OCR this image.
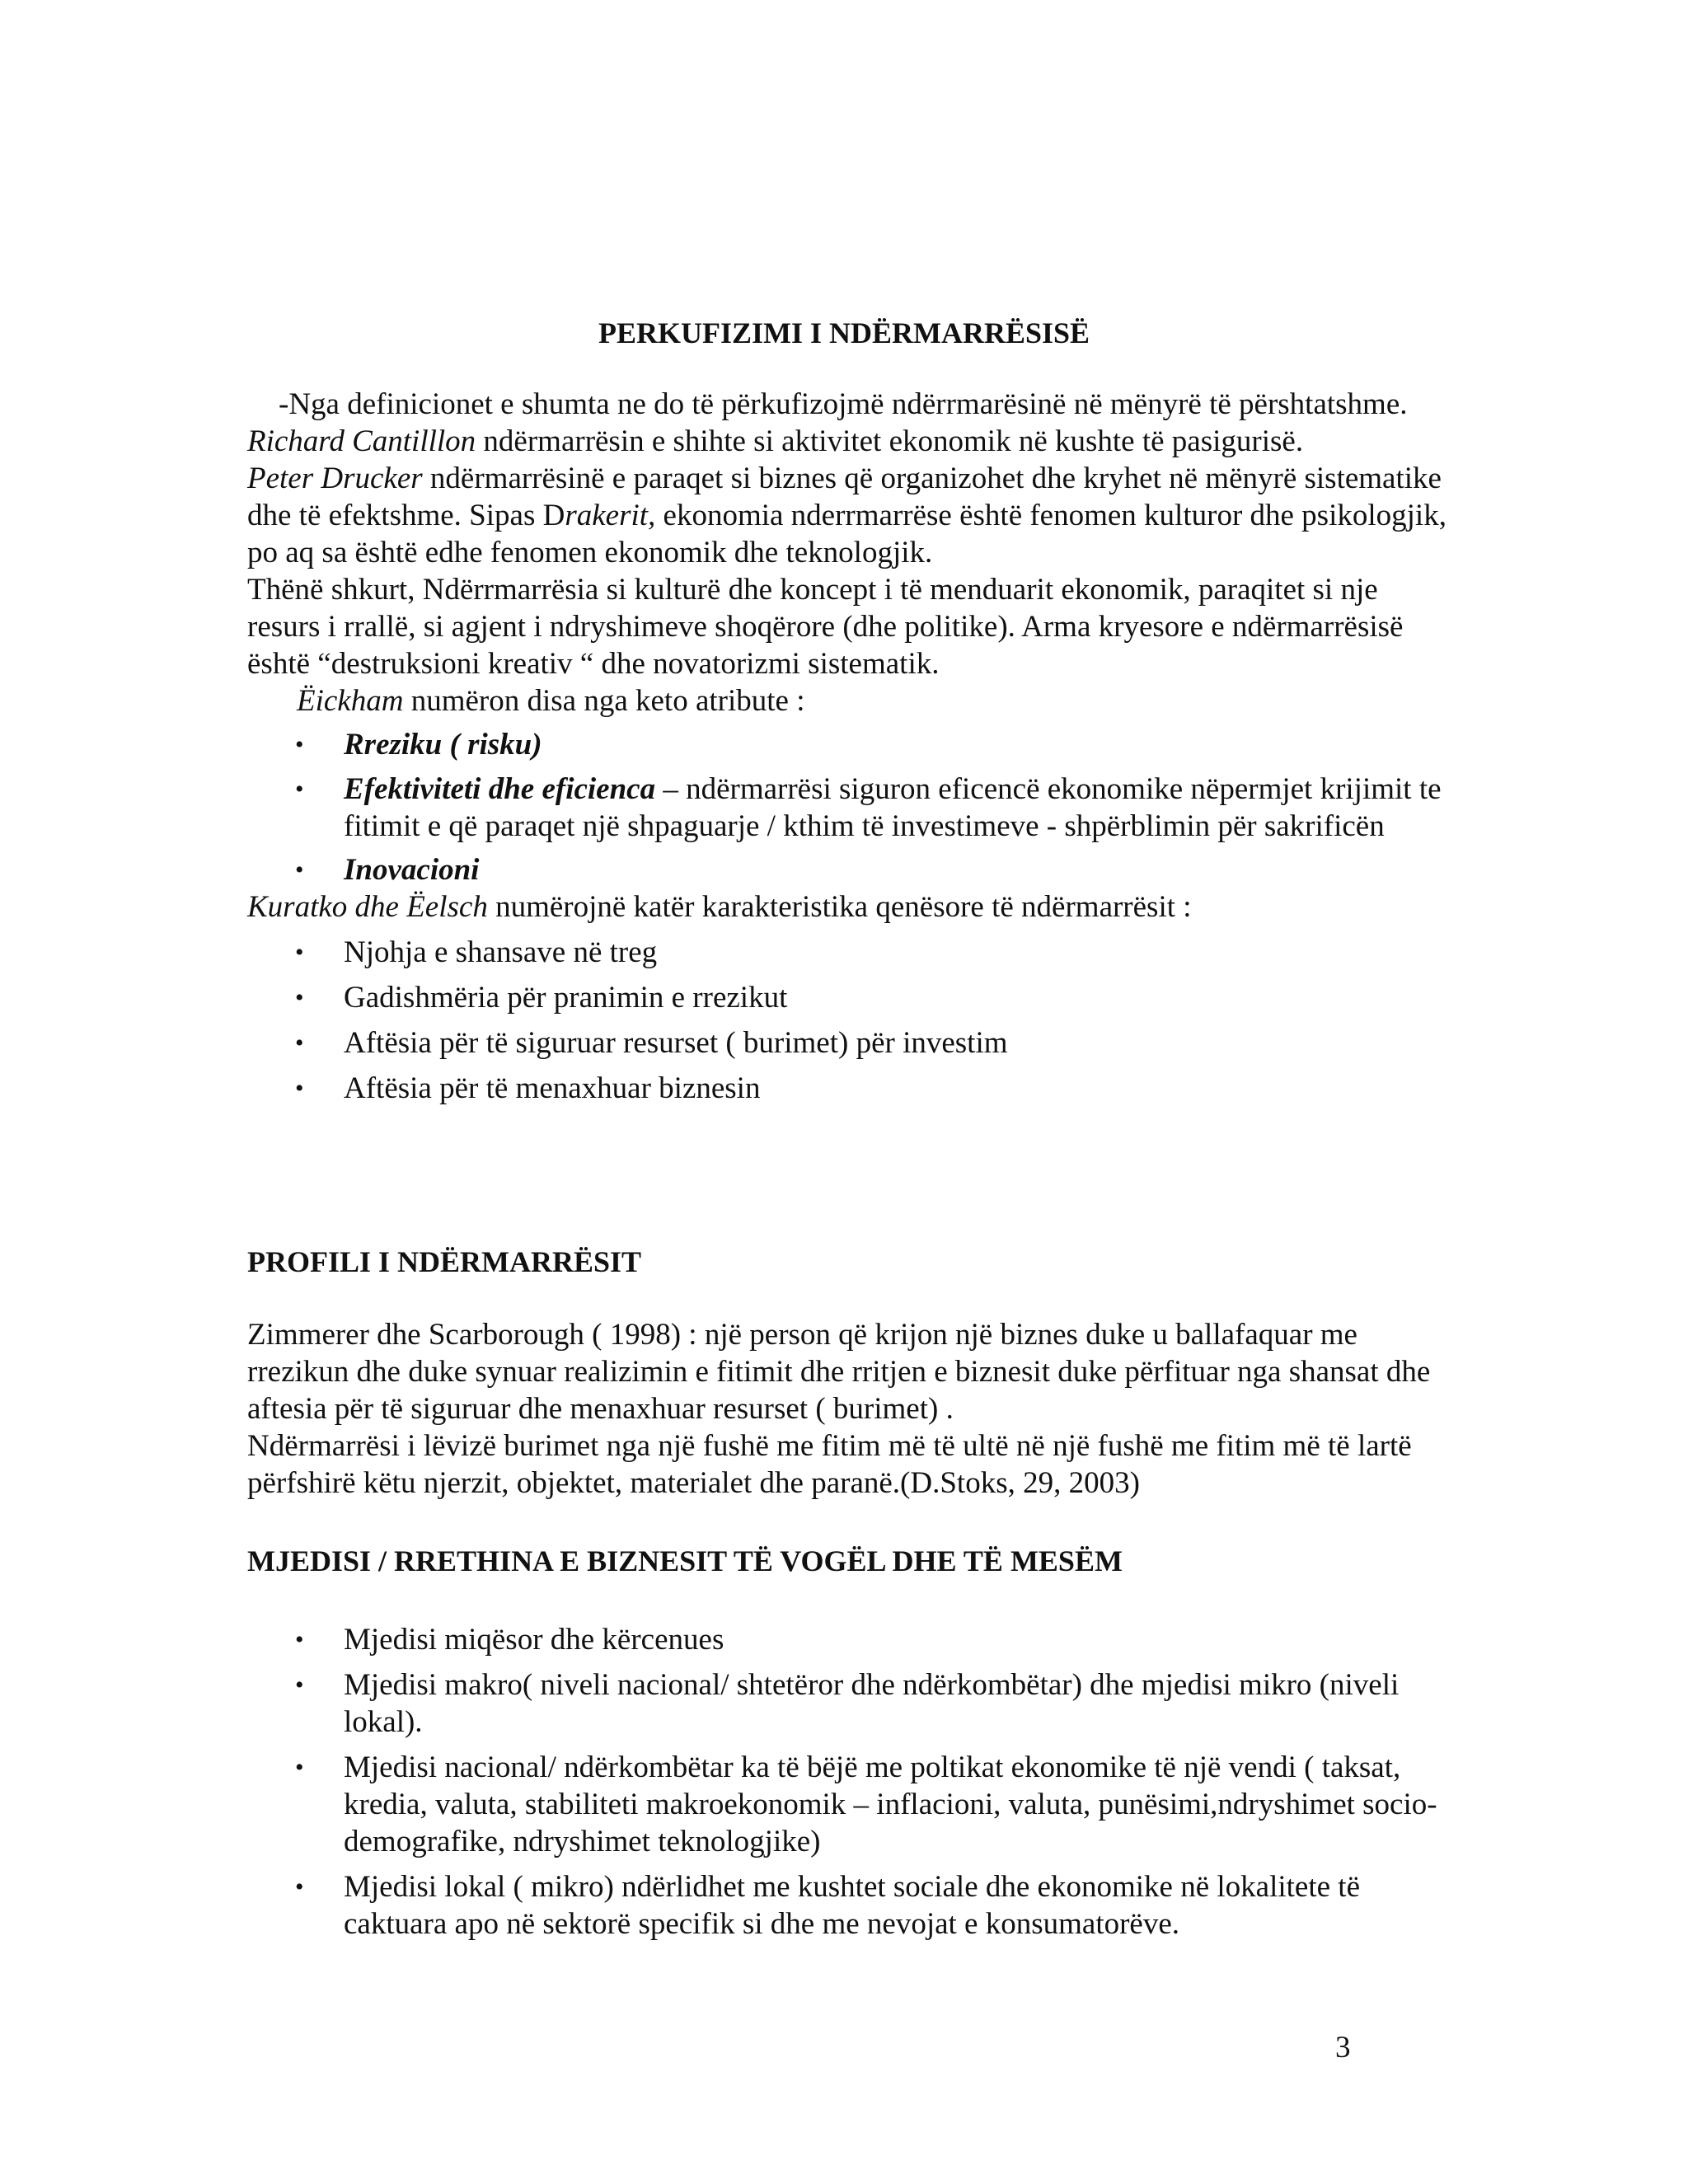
PERKUFIZIMI I NDËRMARRËSISË

-Nga definicionet e shumta ne do të përkufizojmë ndërrmarësinë në mënyrë të përshtatshme.

Richard Cantilllon ndërmarrësin e shihte si aktivitet ekonomik në kushte të pasigurisë.

Peter Drucker ndërmarrësinë e paraqet si biznes që organizohet dhe kryhet në mënyrë sistematike dhe të efektshme. Sipas Drakerit, ekonomia nderrmarrëse është fenomen kulturor dhe psikologjik, po aq sa është edhe fenomen ekonomik dhe teknologjik.

Thënë shkurt, Ndërrmarrësia si kulturë dhe koncept i të menduarit ekonomik, paraqitet si nje resurs i rrallë, si agjent i ndryshimeve shoqërore (dhe politike). Arma kryesore e ndërmarrësisë është “destruksioni kreativ “ dhe novatorizmi sistematik.

Ëickham numëron disa nga keto atribute :

• Rreziku ( risku)
• Efektiviteti dhe eficienca – ndërmarrësi siguron eficencë ekonomike nëpermjet krijimit te fitimit e që paraqet një shpaguarje / kthim të investimeve - shpërblimin për sakrificën
• Inovacioni

Kuratko dhe Ëelsch numërojnë katër karakteristika qenësore të ndërmarrësit :

• Njohja e shansave në treg
• Gadishmëria për pranimin e rrezikut
• Aftësia për të siguruar resurset ( burimet) për investim
• Aftësia për të menaxhuar biznesin
PROFILI I NDËRMARRËSIT

Zimmerer dhe Scarborough ( 1998) : një person që krijon një biznes duke u ballafaquar me rrezikun dhe duke synuar realizimin e fitimit dhe rritjen e biznesit duke përfituar nga shansat dhe aftesia për të siguruar dhe menaxhuar resurset ( burimet) .

Ndërmarrësi i lëvizë burimet nga një fushë me fitim më të ultë në një fushë me fitim më të lartë përfshirë këtu njerzit, objektet, materialet dhe paranë.(D.Stoks, 29, 2003)

MJEDISI / RRETHINA E BIZNESIT TË VOGËL DHE TË MESËM
• Mjedisi miqësor dhe kërcenues
• Mjedisi makro( niveli nacional/ shtetëror dhe ndërkombëtar) dhe mjedisi mikro (niveli lokal).
• Mjedisi nacional/ ndërkombëtar ka të bëjë me poltikat ekonomike të një vendi ( taksat, kredia, valuta, stabiliteti makroekonomik – inflacioni, valuta, punësimi,ndryshimet socio-demografike, ndryshimet teknologjike)
• Mjedisi lokal ( mikro) ndërlidhet me kushtet sociale dhe ekonomike në lokalitete të caktuara apo në sektorë specifik si dhe me nevojat e konsumatorëve.
3
